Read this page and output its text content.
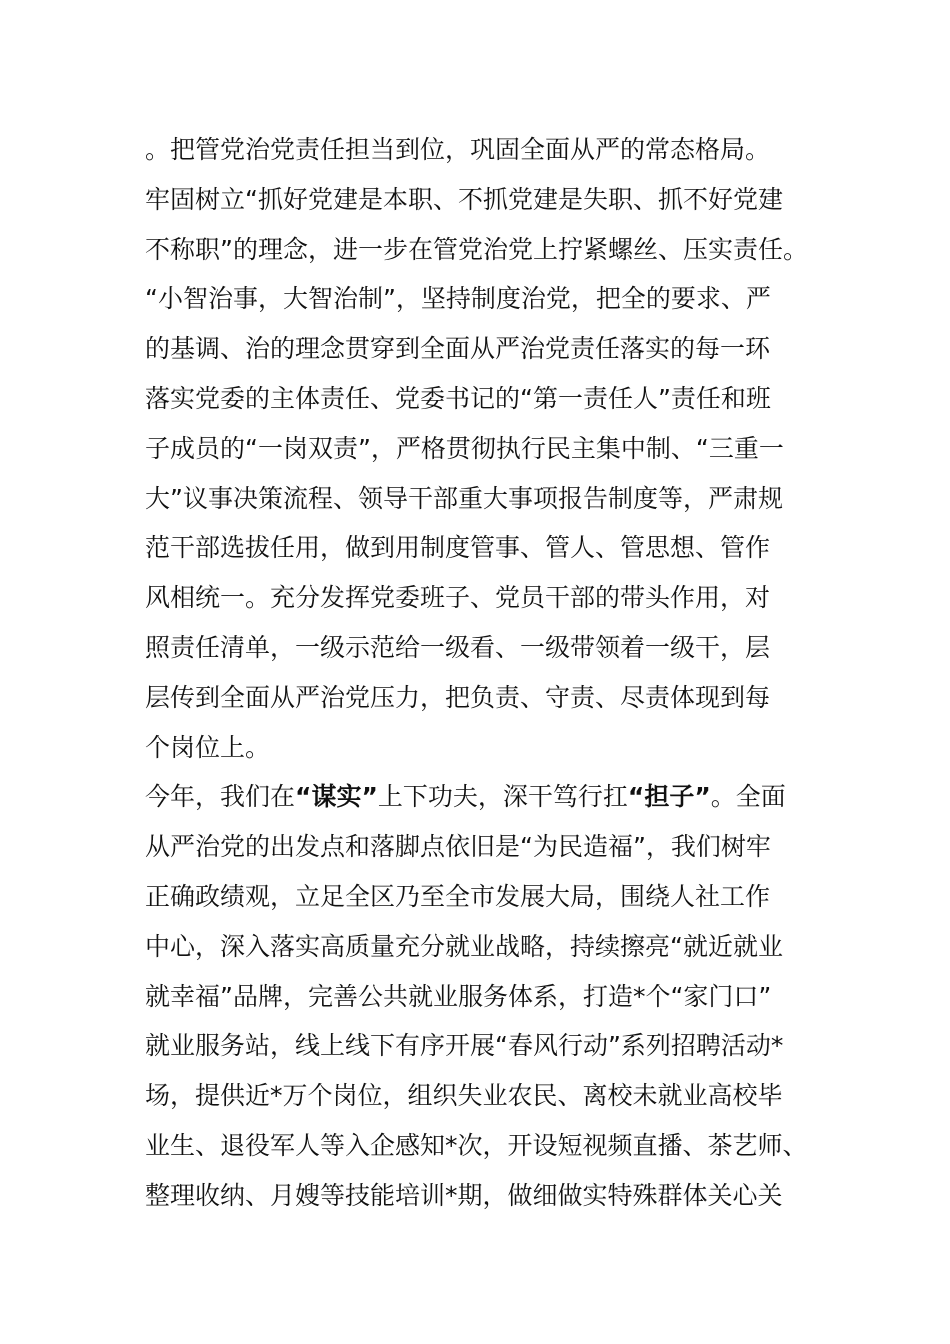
。把管党治党责任担当到位，巩固全面从严的常态格局。
牢固树立“抓好党建是本职、不抓党建是失职、抓不好党建
不称职”的理念，进一步在管党治党上拧紧螺丝、压实责任。
“小智治事，大智治制”，坚持制度治党，把全的要求、严
的基调、治的理念贯穿到全面从严治党责任落实的每一环
落实党委的主体责任、党委书记的“第一责任人”责任和班
子成员的“一岗双责”，严格贯彻执行民主集中制、“三重一
大”议事决策流程、领导干部重大事项报告制度等，严肃规
范干部选拔任用，做到用制度管事、管人、管思想、管作
风相统一。充分发挥党委班子、党员干部的带头作用，对
照责任清单，一级示范给一级看、一级带领着一级干，层
层传到全面从严治党压力，把负责、守责、尽责体现到每
个岗位上。
今年，我们在“谋实”上下功夫，深干笃行扛“担子”。全面
从严治党的出发点和落脚点依旧是“为民造福”，我们树牢
正确政绩观，立足全区乃至全市发展大局，围绕人社工作
中心，深入落实高质量充分就业战略，持续擦亮“就近就业
就幸福”品牌，完善公共就业服务体系，打造*个“家门口”
就业服务站，线上线下有序开展“春风行动”系列招聘活动*
场，提供近*万个岗位，组织失业农民、离校未就业高校毕
业生、退役军人等入企感知*次，开设短视频直播、茶艺师、
整理收纳、月嫂等技能培训*期，做细做实特殊群体关心关
